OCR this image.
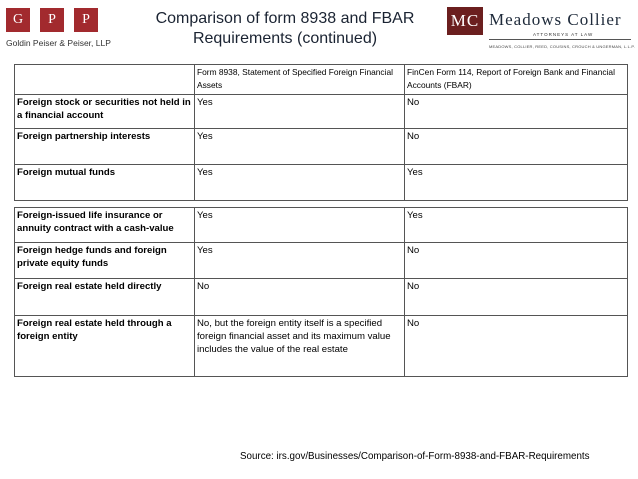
G	P	P
Goldin Peiser & Peiser, LLP
Comparison of form 8938 and FBAR
Requirements (continued)
MC Meadows Collier
ATTORNEYS AT LAW
MEADOWS, COLLIER, REED, COUSINS, CROUCH & UNGERMAN, L.L.P.
	Form 8938, Statement of Specified Foreign Financial Assets	FinCen Form 114, Report of Foreign Bank and Financial Accounts (FBAR)
Foreign stock or securities not held in a financial account	Yes	No
Foreign partnership interests	Yes	No
Foreign mutual funds	Yes	Yes
Foreign-issued life insurance or annuity contract with a cash-value	Yes	Yes
Foreign hedge funds and foreign private equity funds	Yes	No
Foreign real estate held directly	No	No
Foreign real estate held through a foreign entity	No, but the foreign entity itself is a specified foreign financial asset and its maximum value includes the value of the real estate	No
Source: irs.gov/Businesses/Comparison-of-Form-8938-and-FBAR-Requirements
